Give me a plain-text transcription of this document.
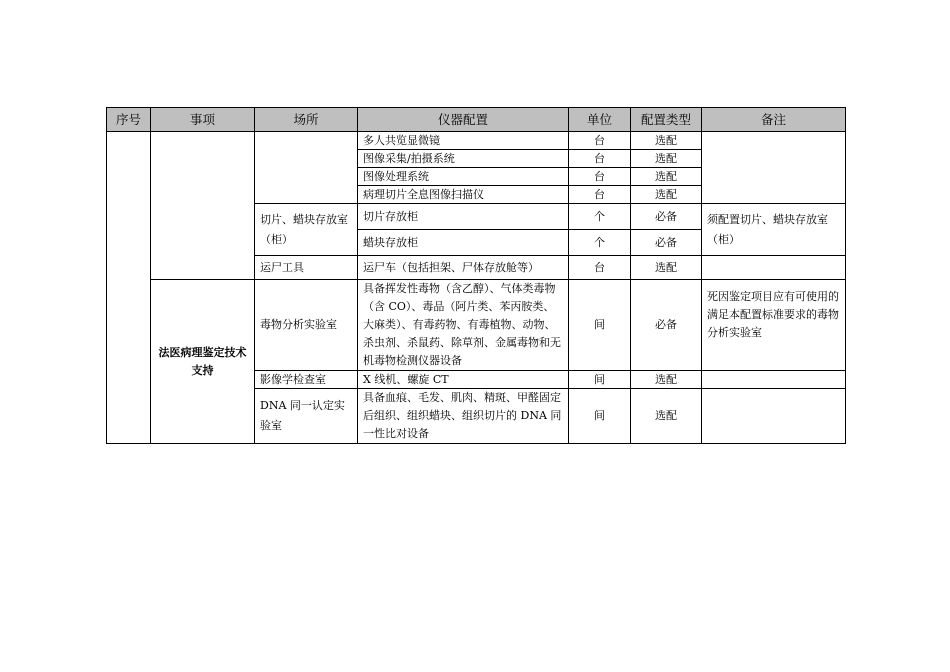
序号	事项	场所	仪器配置	单位	配置类型	备注
			多人共览显微镜	台	选配	
			图像采集/拍摄系统	台	选配	
			图像处理系统	台	选配	
			病理切片全息图像扫描仪	台	选配	
		切片、蜡块存放室（柜）	切片存放柜	个	必备	须配置切片、蜡块存放室（柜）
			蜡块存放柜	个	必备	
		运尸工具	运尸车（包括担架、尸体存放舱等）	台	选配	
	法医病理鉴定技术支持	毒物分析实验室	具备挥发性毒物（含乙醇）、气体类毒物（含 CO）、毒品（阿片类、苯丙胺类、大麻类）、有毒药物、有毒植物、动物、杀虫剂、杀鼠药、除草剂、金属毒物和无机毒物检测仪器设备	间	必备	死因鉴定项目应有可使用的满足本配置标准要求的毒物分析实验室
		影像学检查室	X 线机、螺旋 CT	间	选配	
		DNA 同一认定实验室	具备血痕、毛发、肌肉、精斑、甲醛固定后组织、组织蜡块、组织切片的 DNA 同一性比对设备	间	选配	
